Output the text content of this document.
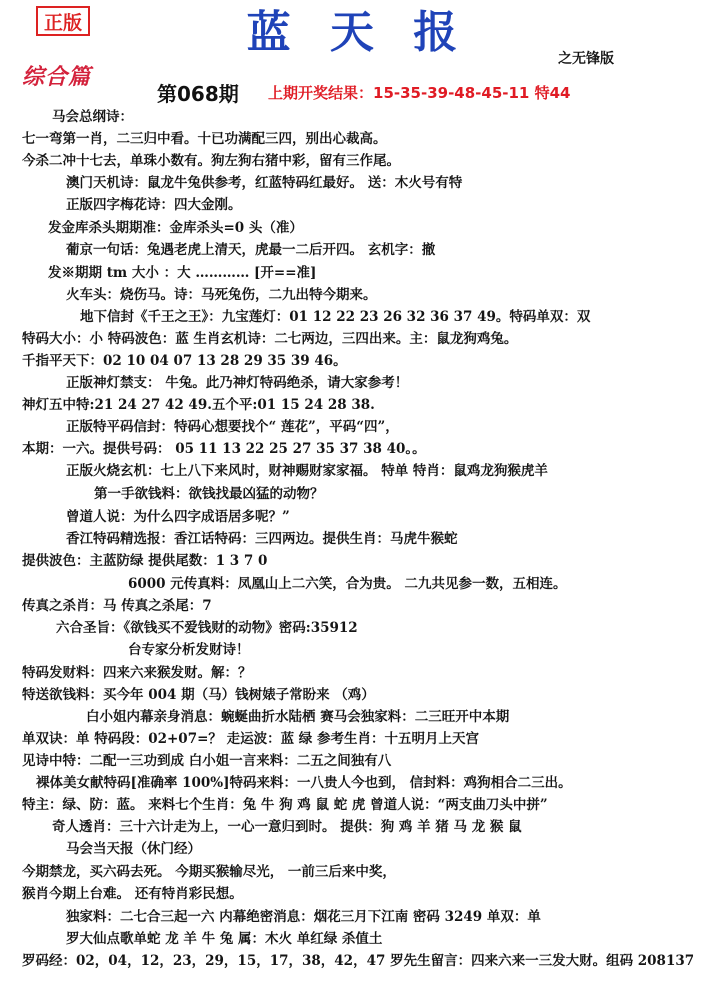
正版	蓝 天 报
之无锋版
综合篇
第068期 上期开奖结果：15-35-39-48-45-11 特44
马会总纲诗：
七一弯第一肖，二三归中看。十已功满配三四，别出心裁高。
今杀二冲十七去，单珠小数有。狗左狗右猪中彩，留有三作尾。
澳门天机诗：鼠龙牛兔供参考，红蓝特码红最好。 送：木火号有特
正版四字梅花诗：四大金刚。
发金库杀头期期准：金库杀头=0 头（准）
葡京一句话：兔遇老虎上清天，虎最一二后开四。 玄机字：撤
发※期期 tm 大小 ：大 ………… [开==准]
火车头：烧伤马。诗：马死兔伤，二九出特今期来。
地下信封《千王之王》：九宝莲灯：01 12 22 23 26 32 36 37 49。特码单双：双
特码大小：小 特码波色：蓝 生肖玄机诗：二七两边，三四出来。主：鼠龙狗鸡兔。
千指平天下：02 10 04 07 13 28 29 35 39 46。
正版神灯禁支： 牛兔。此乃神灯特码绝杀，请大家参考！
神灯五中特:21 24 27 42 49.五个平:01 15 24 28 38.
正版特平码信封：特码心想要找个“ 莲花”，平码“四”，
本期：一六。提供号码： 05 11 13 22 25 27 35 37 38 40。。
正版火烧玄机：七上八下来风时，财神赐财家家福。 特单 特肖：鼠鸡龙狗猴虎羊
第一手欲钱料：欲钱找最凶猛的动物？
曾道人说：为什么四字成语居多呢？”
香江特码精选报：香江话特码：三四两边。提供生肖：马虎牛猴蛇
提供波色：主蓝防绿 提供尾数：1 3 7 0
6000 元传真料：凤凰山上二六笑，合为贵。 二九共见参一数，五相连。
传真之杀肖：马 传真之杀尾：7
六合圣旨：《欲钱买不爱钱财的动物》密码:35912
台专家分析发财诗！
特码发财料：四来六来猴发财。解：？
特送欲钱料：买今年 004 期（马）钱树婊子常盼来 （鸡）
白小姐内幕亲身消息：蜿蜒曲折水陆栖 赛马会独家料：二三旺开中本期
单双诀：单 特码段：02+07=？ 走运波：蓝 绿 参考生肖：十五明月上天宫
见诗中特：二配一三功到成 白小姐一言来料：二五之间独有八
裸体美女献特码[准确率 100%]特码来料：一八贵人今也到， 信封料：鸡狗相合二三出。
特主：绿、防：蓝。 来料七个生肖：兔 牛 狗 鸡 鼠 蛇 虎 曾道人说：“两支曲刀头中拼”
奇人透肖：三十六计走为上，一心一意归到时。 提供：狗 鸡 羊 猪 马 龙 猴 鼠
马会当天报（休门经）
今期禁龙，买六码去死。 今期买猴输尽光， 一前三后来中奖，
猴肖今期上台难。 还有特肖彩民想。
独家料：二七合三起一六 内幕绝密消息：烟花三月下江南 密码 3249 单双：单
罗大仙点歌单蛇 龙 羊 牛 兔 属：木火 单红绿 杀值土
罗码经：02，04，12，23，29，15，17，38，42，47 罗先生留言：四来六来一三发大财。组码 208137
